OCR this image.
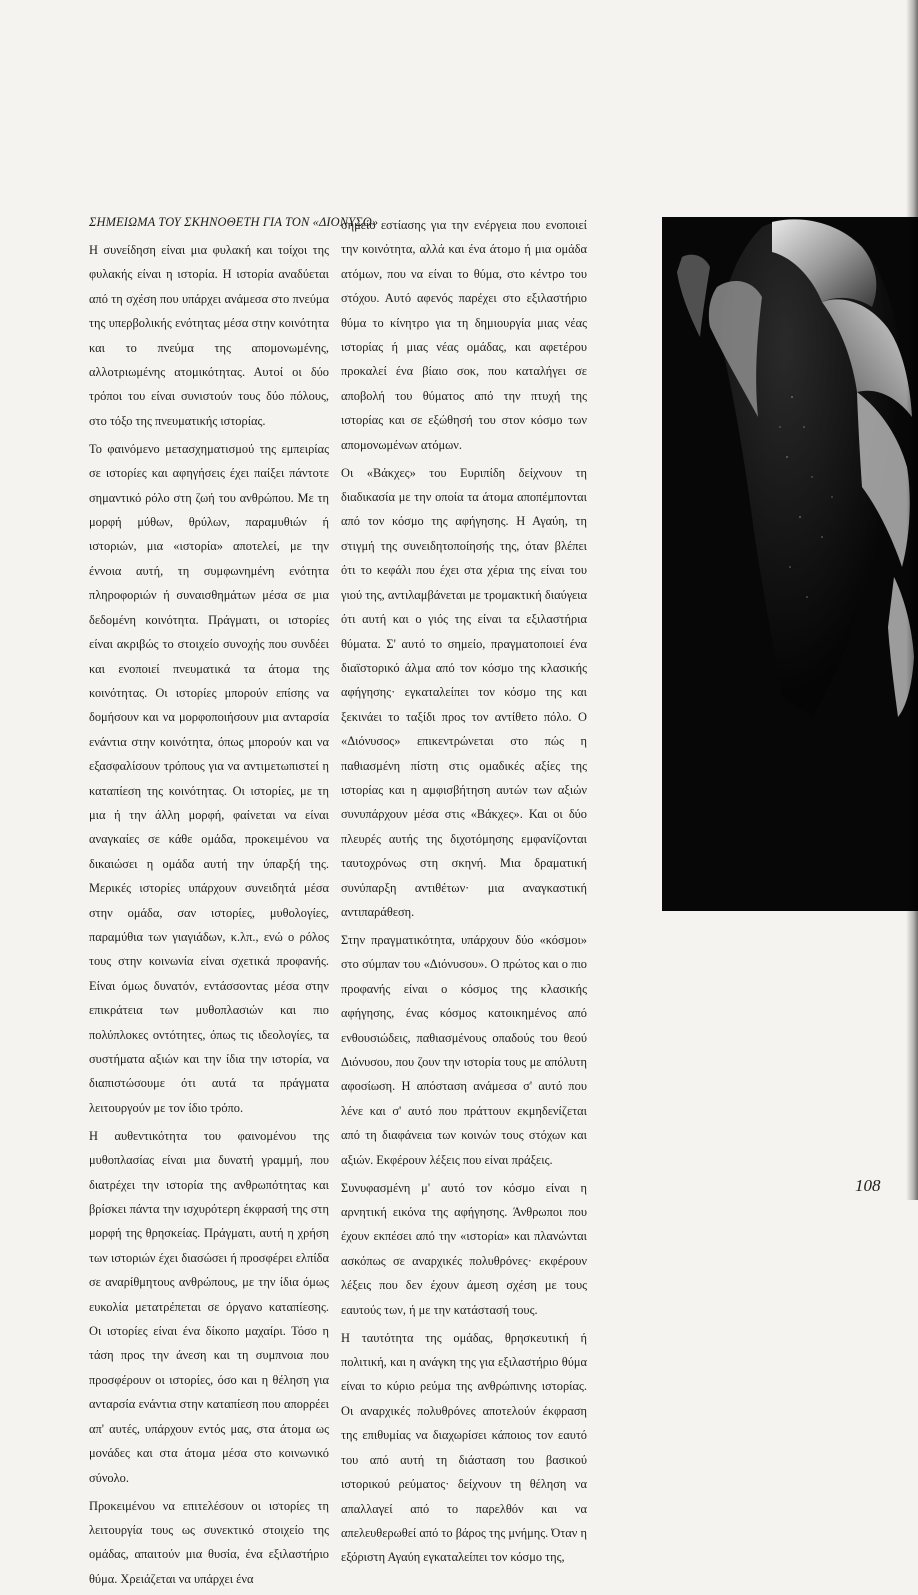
ΣΗΜΕΙΩΜΑ ΤΟΥ ΣΚΗΝΟΘΕΤΗ ΓΙΑ ΤΟΝ «ΔΙΟΝΥΣΟ»

Η συνείδηση είναι μια φυλακή και τοίχοι της φυλακής είναι η ιστορία. Η ιστορία αναδύεται από τη σχέση που υπάρχει ανάμεσα στο πνεύμα της υπερβολικής ενότητας μέσα στην κοινότητα και το πνεύμα της απομονωμένης, αλλοτριωμένης ατομικότητας. Αυτοί οι δύο τρόποι του είναι συνιστούν τους δύο πόλους, στο τόξο της πνευματικής ιστορίας.

Το φαινόμενο μετασχηματισμού της εμπειρίας σε ιστορίες και αφηγήσεις έχει παίξει πάντοτε σημαντικό ρόλο στη ζωή του ανθρώπου. Με τη μορφή μύθων, θρύλων, παραμυθιών ή ιστοριών, μια «ιστορία» αποτελεί, με την έννοια αυτή, τη συμφωνημένη ενότητα πληροφοριών ή συναισθημάτων μέσα σε μια δεδομένη κοινότητα. Πράγματι, οι ιστορίες είναι ακριβώς το στοιχείο συνοχής που συνδέει και ενοποιεί πνευματικά τα άτομα της κοινότητας. Οι ιστορίες μπορούν επίσης να δομήσουν και να μορφοποιήσουν μια ανταρσία ενάντια στην κοινότητα, όπως μπορούν και να εξασφαλίσουν τρόπους για να αντιμετωπιστεί η καταπίεση της κοινότητας. Οι ιστορίες, με τη μια ή την άλλη μορφή, φαίνεται να είναι αναγκαίες σε κάθε ομάδα, προκειμένου να δικαιώσει η ομάδα αυτή την ύπαρξή της. Μερικές ιστορίες υπάρχουν συνειδητά μέσα στην ομάδα, σαν ιστορίες, μυθολογίες, παραμύθια των γιαγιάδων, κ.λπ., ενώ ο ρόλος τους στην κοινωνία είναι σχετικά προφανής. Είναι όμως δυνατόν, εντάσσοντας μέσα στην επικράτεια των μυθοπλασιών και πιο πολύπλοκες οντότητες, όπως τις ιδεολογίες, τα συστήματα αξιών και την ίδια την ιστορία, να διαπιστώσουμε ότι αυτά τα πράγματα λειτουργούν με τον ίδιο τρόπο.

Η αυθεντικότητα του φαινομένου της μυθοπλασίας είναι μια δυνατή γραμμή, που διατρέχει την ιστορία της ανθρωπότητας και βρίσκει πάντα την ισχυρότερη έκφρασή της στη μορφή της θρησκείας. Πράγματι, αυτή η χρήση των ιστοριών έχει διασώσει ή προσφέρει ελπίδα σε αναρίθμητους ανθρώπους, με την ίδια όμως ευκολία μετατρέπεται σε όργανο καταπίεσης. Οι ιστορίες είναι ένα δίκοπο μαχαίρι. Τόσο η τάση προς την άνεση και τη συμπνοια που προσφέρουν οι ιστορίες, όσο και η θέληση για ανταρσία ενάντια στην καταπίεση που απορρέει απ' αυτές, υπάρχουν εντός μας, στα άτομα ως μονάδες και στα άτομα μέσα στο κοινωνικό σύνολο.

Προκειμένου να επιτελέσουν οι ιστορίες τη λειτουργία τους ως συνεκτικό στοιχείο της ομάδας, απαιτούν μια θυσία, ένα εξιλαστήριο θύμα. Χρειάζεται να υπάρχει ένα

σημείο εστίασης για την ενέργεια που ενοποιεί την κοινότητα, αλλά και ένα άτομο ή μια ομάδα ατόμων, που να είναι το θύμα, στο κέντρο του στόχου. Αυτό αφενός παρέχει στο εξιλαστήριο θύμα το κίνητρο για τη δημιουργία μιας νέας ιστορίας ή μιας νέας ομάδας, και αφετέρου προκαλεί ένα βίαιο σοκ, που καταλήγει σε αποβολή του θύματος από την πτυχή της ιστορίας και σε εξώθησή του στον κόσμο των απομονωμένων ατόμων.

Οι «Βάκχες» του Ευριπίδη δείχνουν τη διαδικασία με την οποία τα άτομα αποπέμπονται από τον κόσμο της αφήγησης. Η Αγαύη, τη στιγμή της συνειδητοποίησής της, όταν βλέπει ότι το κεφάλι που έχει στα χέρια της είναι του γιού της, αντιλαμβάνεται με τρομακτική διαύγεια ότι αυτή και ο γιός της είναι τα εξιλαστήρια θύματα. Σ' αυτό το σημείο, πραγματοποιεί ένα διαϊστορικό άλμα από τον κόσμο της κλασικής αφήγησης· εγκαταλείπει τον κόσμο της και ξεκινάει το ταξίδι προς τον αντίθετο πόλο. Ο «Διόνυσος» επικεντρώνεται στο πώς η παθιασμένη πίστη στις ομαδικές αξίες της ιστορίας και η αμφισβήτηση αυτών των αξιών συνυπάρχουν μέσα στις «Βάκχες». Και οι δύο πλευρές αυτής της διχοτόμησης εμφανίζονται ταυτοχρόνως στη σκηνή. Μια δραματική συνύπαρξη αντιθέτων· μια αναγκαστική αντιπαράθεση.

Στην πραγματικότητα, υπάρχουν δύο «κόσμοι» στο σύμπαν του «Διόνυσου». Ο πρώτος και ο πιο προφανής είναι ο κόσμος της κλασικής αφήγησης, ένας κόσμος κατοικημένος από ενθουσιώδεις, παθιασμένους οπαδούς του θεού Διόνυσου, που ζουν την ιστορία τους με απόλυτη αφοσίωση. Η απόσταση ανάμεσα σ' αυτό που λένε και σ' αυτό που πράττουν εκμηδενίζεται από τη διαφάνεια των κοινών τους στόχων και αξιών. Εκφέρουν λέξεις που είναι πράξεις.

Συνυφασμένη μ' αυτό τον κόσμο είναι η αρνητική εικόνα της αφήγησης. Άνθρωποι που έχουν εκπέσει από την «ιστορία» και πλανώνται ασκόπως σε αναρχικές πολυθρόνες· εκφέρουν λέξεις που δεν έχουν άμεση σχέση με τους εαυτούς των, ή με την κατάστασή τους.

Η ταυτότητα της ομάδας, θρησκευτική ή πολιτική, και η ανάγκη της για εξιλαστήριο θύμα είναι το κύριο ρεύμα της ανθρώπινης ιστορίας. Οι αναρχικές πολυθρόνες αποτελούν έκφραση της επιθυμίας να διαχωρίσει κάποιος τον εαυτό του από αυτή τη διάσταση του βασικού ιστορικού ρεύματος· δείχνουν τη θέληση να απαλλαγεί από το παρελθόν και να απελευθερωθεί από το βάρος της μνήμης. Όταν η εξόριστη Αγαύη εγκαταλείπει τον κόσμο της,

108
